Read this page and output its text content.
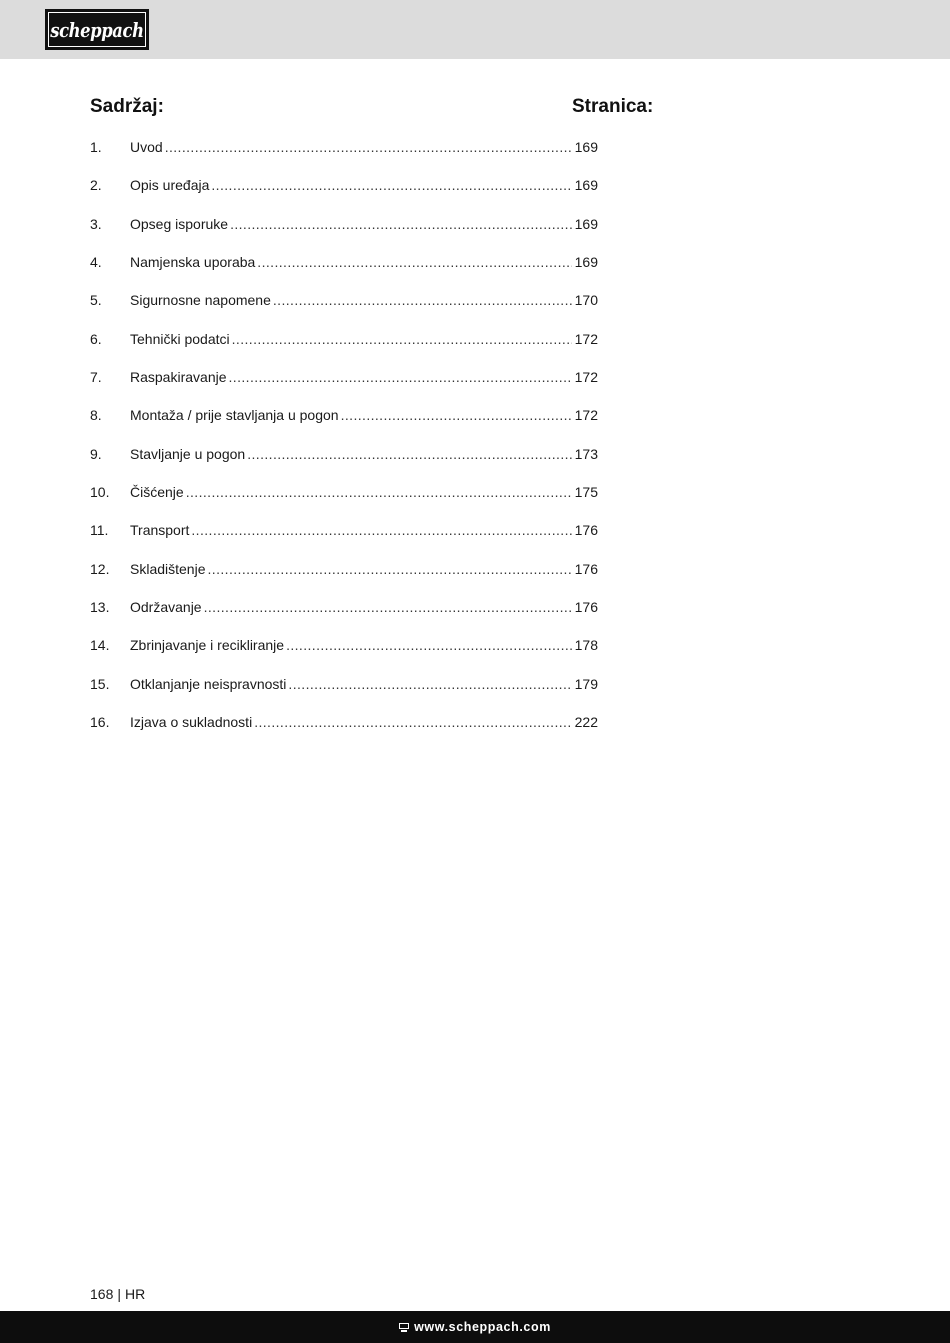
scheppach
Sadržaj:	Stranica:
1.	Uvod .....	169
2.	Opis uređaja .....	169
3.	Opseg isporuke .....	169
4.	Namjenska uporaba .....	169
5.	Sigurnosne napomene .....	170
6.	Tehnički podatci .....	172
7.	Raspakiravanje .....	172
8.	Montaža / prije stavljanja u pogon .....	172
9.	Stavljanje u pogon .....	173
10.	Čišćenje .....	175
11.	Transport .....	176
12.	Skladištenje .....	176
13.	Održavanje .....	176
14.	Zbrinjavanje i recikliranje .....	178
15.	Otklanjanje neispravnosti .....	179
16.	Izjava o sukladnosti .....	222
168 | HR
www.scheppach.com
